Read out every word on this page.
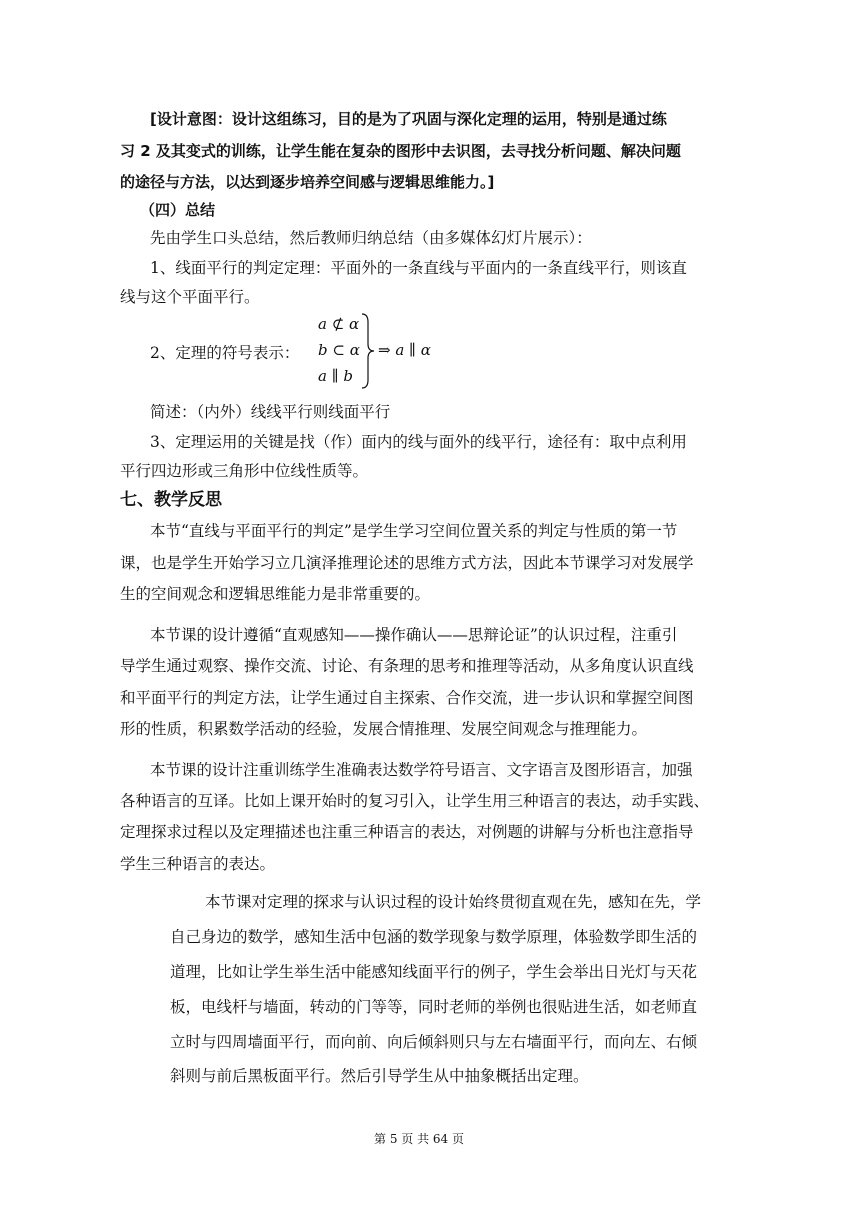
[设计意图：设计这组练习，目的是为了巩固与深化定理的运用，特别是通过练
习 2 及其变式的训练，让学生能在复杂的图形中去识图，去寻找分析问题、解决问题
的途径与方法，以达到逐步培养空间感与逻辑思维能力。]
（四）总结
先由学生口头总结，然后教师归纳总结（由多媒体幻灯片展示）：
1、线面平行的判定定理：平面外的一条直线与平面内的一条直线平行，则该直
线与这个平面平行。
2、定理的符号表示：
a ⊄ α
b ⊂ α
a ∥ b
⇒ a ∥ α
简述：（内外）线线平行则线面平行
3、定理运用的关键是找（作）面内的线与面外的线平行，途径有：取中点利用
平行四边形或三角形中位线性质等。
七、教学反思
本节“直线与平面平行的判定”是学生学习空间位置关系的判定与性质的第一节
课，也是学生开始学习立几演泽推理论述的思维方式方法，因此本节课学习对发展学
生的空间观念和逻辑思维能力是非常重要的。
本节课的设计遵循“直观感知——操作确认——思辩论证”的认识过程，注重引
导学生通过观察、操作交流、讨论、有条理的思考和推理等活动，从多角度认识直线
和平面平行的判定方法，让学生通过自主探索、合作交流，进一步认识和掌握空间图
形的性质，积累数学活动的经验，发展合情推理、发展空间观念与推理能力。
本节课的设计注重训练学生准确表达数学符号语言、文字语言及图形语言，加强
各种语言的互译。比如上课开始时的复习引入，让学生用三种语言的表达，动手实践、
定理探求过程以及定理描述也注重三种语言的表达，对例题的讲解与分析也注意指导
学生三种语言的表达。
本节课对定理的探求与认识过程的设计始终贯彻直观在先，感知在先，学
自己身边的数学，感知生活中包涵的数学现象与数学原理，体验数学即生活的
道理，比如让学生举生活中能感知线面平行的例子，学生会举出日光灯与天花
板，电线杆与墙面，转动的门等等，同时老师的举例也很贴进生活，如老师直
立时与四周墙面平行，而向前、向后倾斜则只与左右墙面平行，而向左、右倾
斜则与前后黑板面平行。然后引导学生从中抽象概括出定理。
第 5 页 共 64 页
